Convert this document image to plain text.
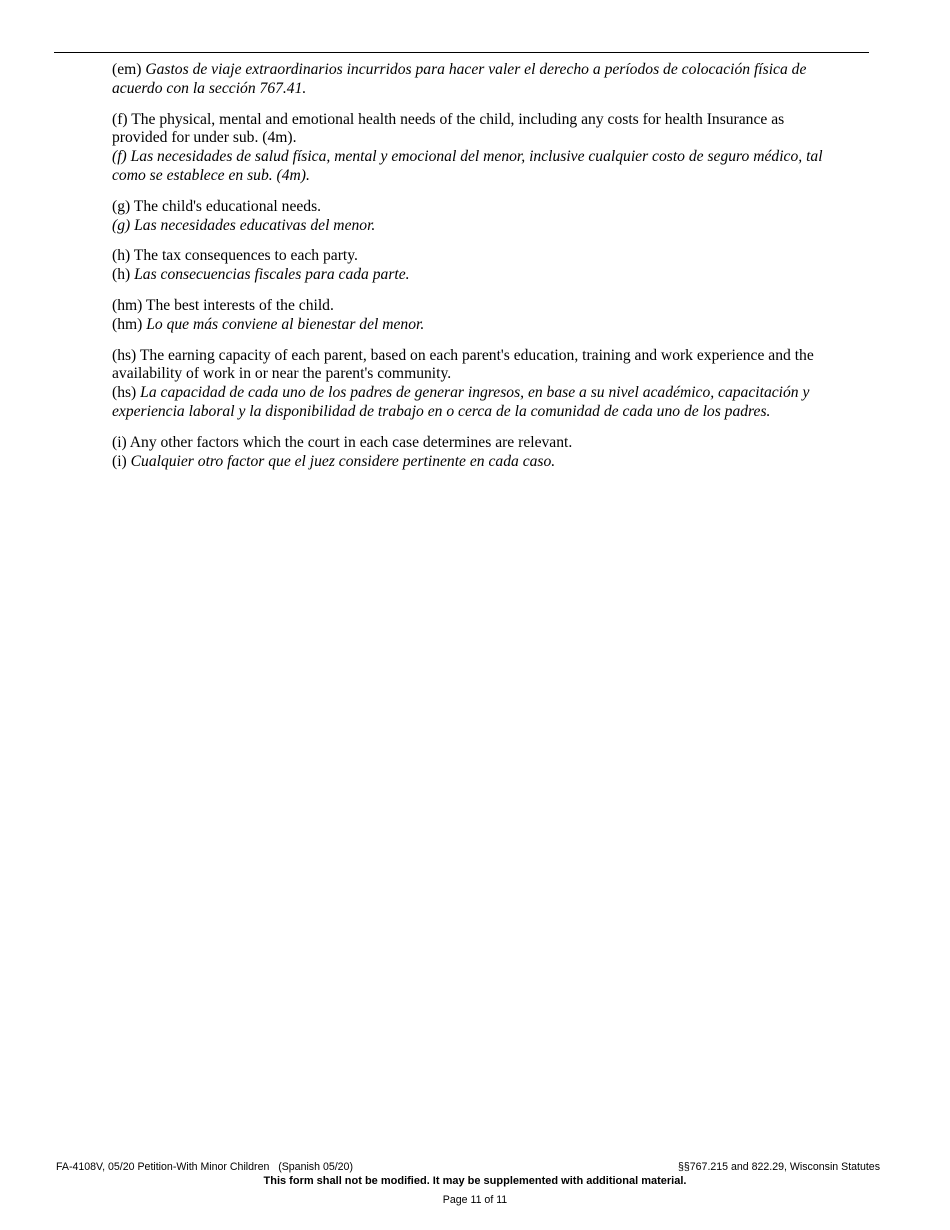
(em) Gastos de viaje extraordinarios incurridos para hacer valer el derecho a períodos de colocación física de acuerdo con la sección 767.41.
(f) The physical, mental and emotional health needs of the child, including any costs for health Insurance as provided for under sub. (4m).
(f) Las necesidades de salud física, mental y emocional del menor, inclusive cualquier costo de seguro médico, tal como se establece en sub. (4m).
(g) The child's educational needs.
(g) Las necesidades educativas del menor.
(h) The tax consequences to each party.
(h) Las consecuencias fiscales para cada parte.
(hm) The best interests of the child.
(hm) Lo que más conviene al bienestar del menor.
(hs) The earning capacity of each parent, based on each parent's education, training and work experience and the availability of work in or near the parent's community.
(hs) La capacidad de cada uno de los padres de generar ingresos, en base a su nivel académico, capacitación y experiencia laboral y la disponibilidad de trabajo en o cerca de la comunidad de cada uno de los padres.
(i) Any other factors which the court in each case determines are relevant.
(i) Cualquier otro factor que el juez considere pertinente en cada caso.
FA-4108V, 05/20 Petition-With Minor Children   (Spanish 05/20)	§§767.215 and 822.29, Wisconsin Statutes
This form shall not be modified. It may be supplemented with additional material.
Page 11 of 11
